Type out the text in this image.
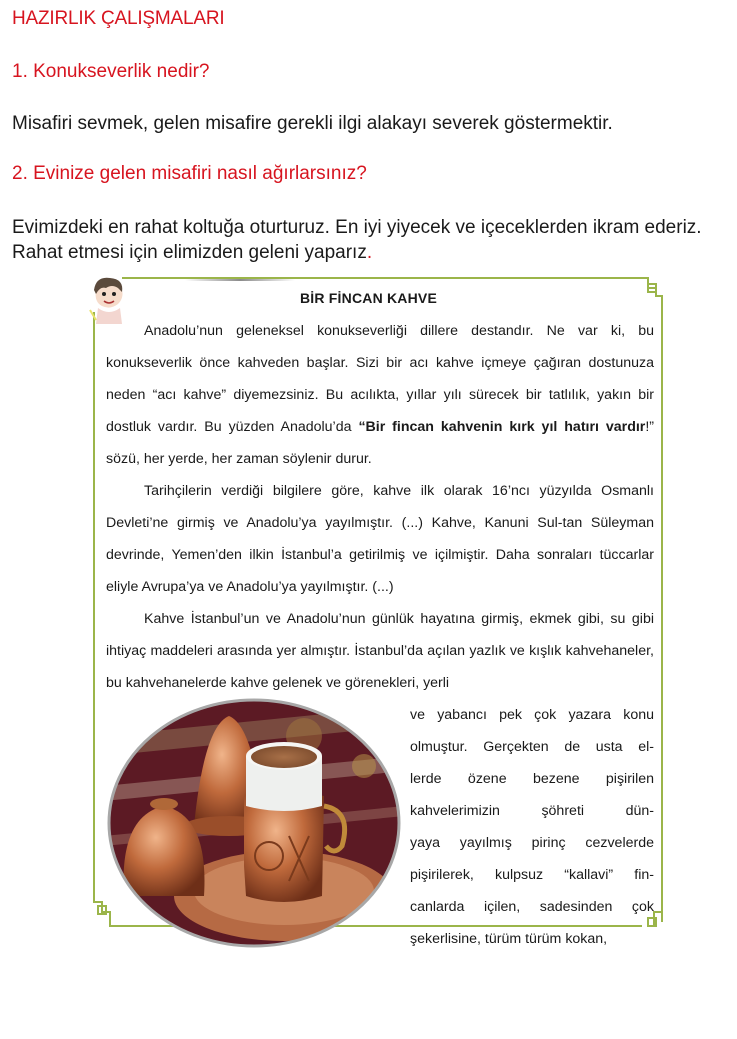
HAZIRLIK ÇALIŞMALARI
1. Konukseverlik nedir?
Misafiri sevmek, gelen misafire gerekli ilgi alakayı severek göstermektir.
2. Evinize gelen misafiri nasıl ağırlarsınız?
Evimizdeki en rahat koltuğa oturturuz. En iyi yiyecek ve içeceklerden ikram ederiz.
Rahat etmesi için elimizden geleni yaparız.
BİR FİNCAN KAHVE

Anadolu’nun geleneksel konukseverliği dillere destandır. Ne var ki, bu konukseverlik önce kahveden başlar. Sizi bir acı kahve içmeye çağıran dostunuza neden “acı kahve” diyemezsiniz. Bu acılıkta, yıllar yılı sürecek bir tatlılık, yakın bir dostluk vardır. Bu yüzden Anadolu’da “Bir fincan kahvenin kırk yıl hatırı vardır!” sözü, her yerde, her zaman söylenir durur.

Tarihçilerin verdiği bilgilere göre, kahve ilk olarak 16’ncı yüzyılda Osmanlı Devleti’ne girmiş ve Anadolu’ya yayılmıştır. (...) Kahve, Kanuni Sul-tan Süleyman devrinde, Yemen’den ilkin İstanbul’a getirilmiş ve içilmiştir. Daha sonraları tüccarlar eliyle Avrupa’ya ve Anadolu’ya yayılmıştır. (...)

Kahve İstanbul’un ve Anadolu’nun günlük hayatına girmiş, ekmek gibi, su gibi ihtiyaç maddeleri arasında yer almıştır. İstanbul’da açılan yazlık ve kışlık kahvehaneler, bu kahvehanelerde kahve gelenek ve görenekleri, yerli

ve yabancı pek çok yazara konu
olmuştur. Gerçekten de usta el-
lerde özene bezene pişirilen
kahvelerimizin şöhreti dün-
yaya yayılmış pirinç cezvelerde
pişirilerek, kulpsuz “kallavi” fin-
canlarda içilen, sadesinden çok
şekerlisine, türüm türüm kokan,
